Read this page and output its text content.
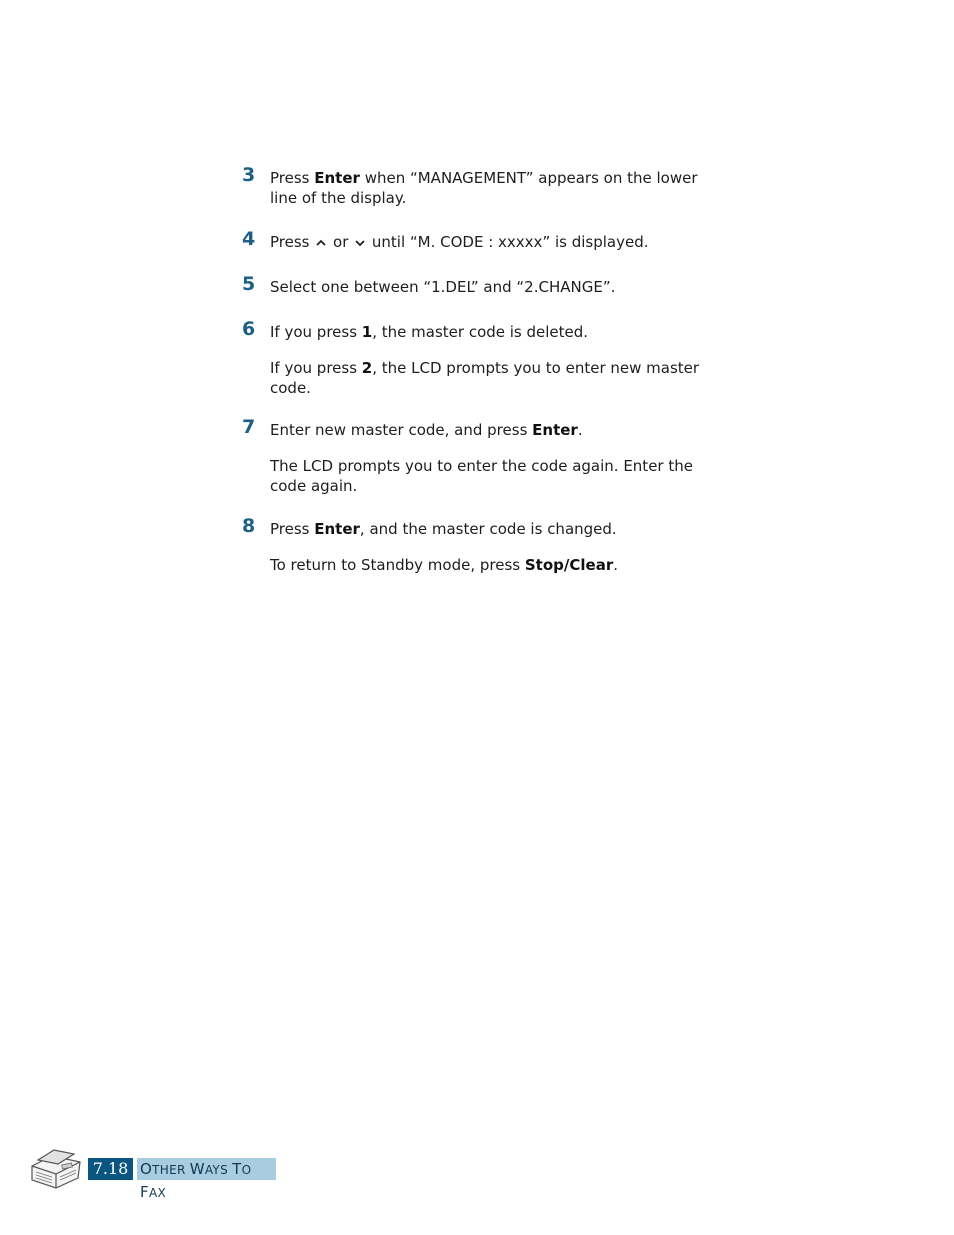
3 Press Enter when “MANAGEMENT” appears on the lower line of the display.

4 Press  or  until “M. CODE : xxxxx” is displayed.

5 Select one between “1.DEL” and “2.CHANGE”.

6 If you press 1, the master code is deleted.

If you press 2, the LCD prompts you to enter new master code.

7 Enter new master code, and press Enter.

The LCD prompts you to enter the code again. Enter the code again.

8 Press Enter, and the master code is changed.

To return to Standby mode, press Stop/Clear.

7.18 OTHER WAYS TO FAX
